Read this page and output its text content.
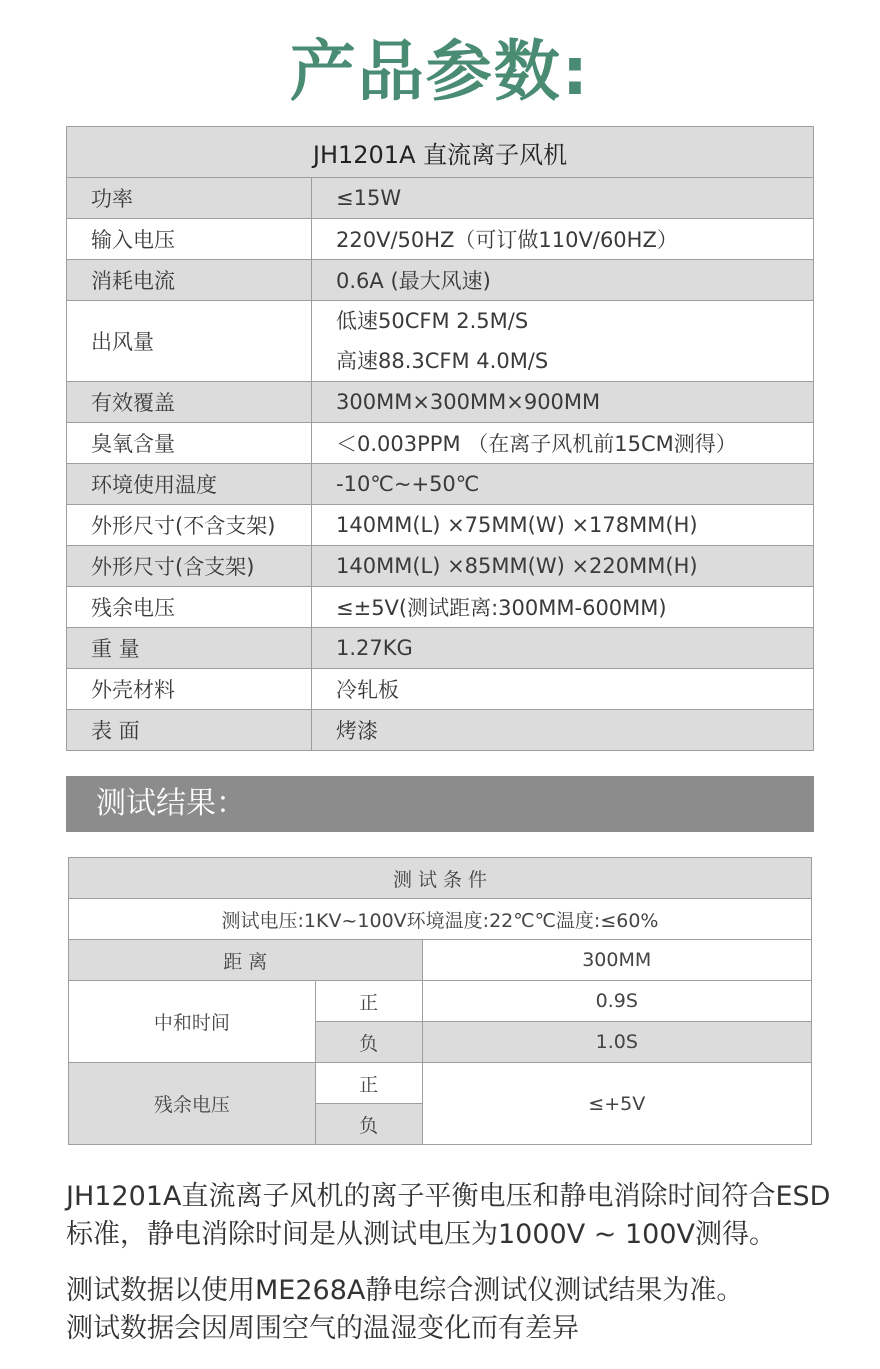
产品参数:
JH1201A 直流离子风机	
功率	≤15W
输入电压	220V/50HZ（可订做110V/60HZ）
消耗电流	0.6A (最大风速)
出风量	低速50CFM 2.5M/S
高速88.3CFM 4.0M/S

有效覆盖	300MM×300MM×900MM
臭氧含量	＜0.003PPM （在离子风机前15CM测得）
环境使用温度	-10℃~+50℃
外形尺寸(不含支架)	140MM(L) ×75MM(W) ×178MM(H)
外形尺寸(含支架)	140MM(L) ×85MM(W) ×220MM(H)
残余电压	≤±5V(测试距离:300MM-600MM)
重 量	1.27KG
外壳材料	冷轧板
表 面	烤漆
测试结果：
测 试 条 件		
测试电压:1KV~100V环境温度:22℃℃温度:≤60%		
距 离		300MM
中和时间	正	0.9S
	负	1.0S
残余电压	正	≤+5V
	负	
JH1201A直流离子风机的离子平衡电压和静电消除时间符合ESD标准，静电消除时间是从测试电压为1000V ~ 100V测得。
测试数据以使用ME268A静电综合测试仪测试结果为准。
测试数据会因周围空气的温湿变化而有差异
